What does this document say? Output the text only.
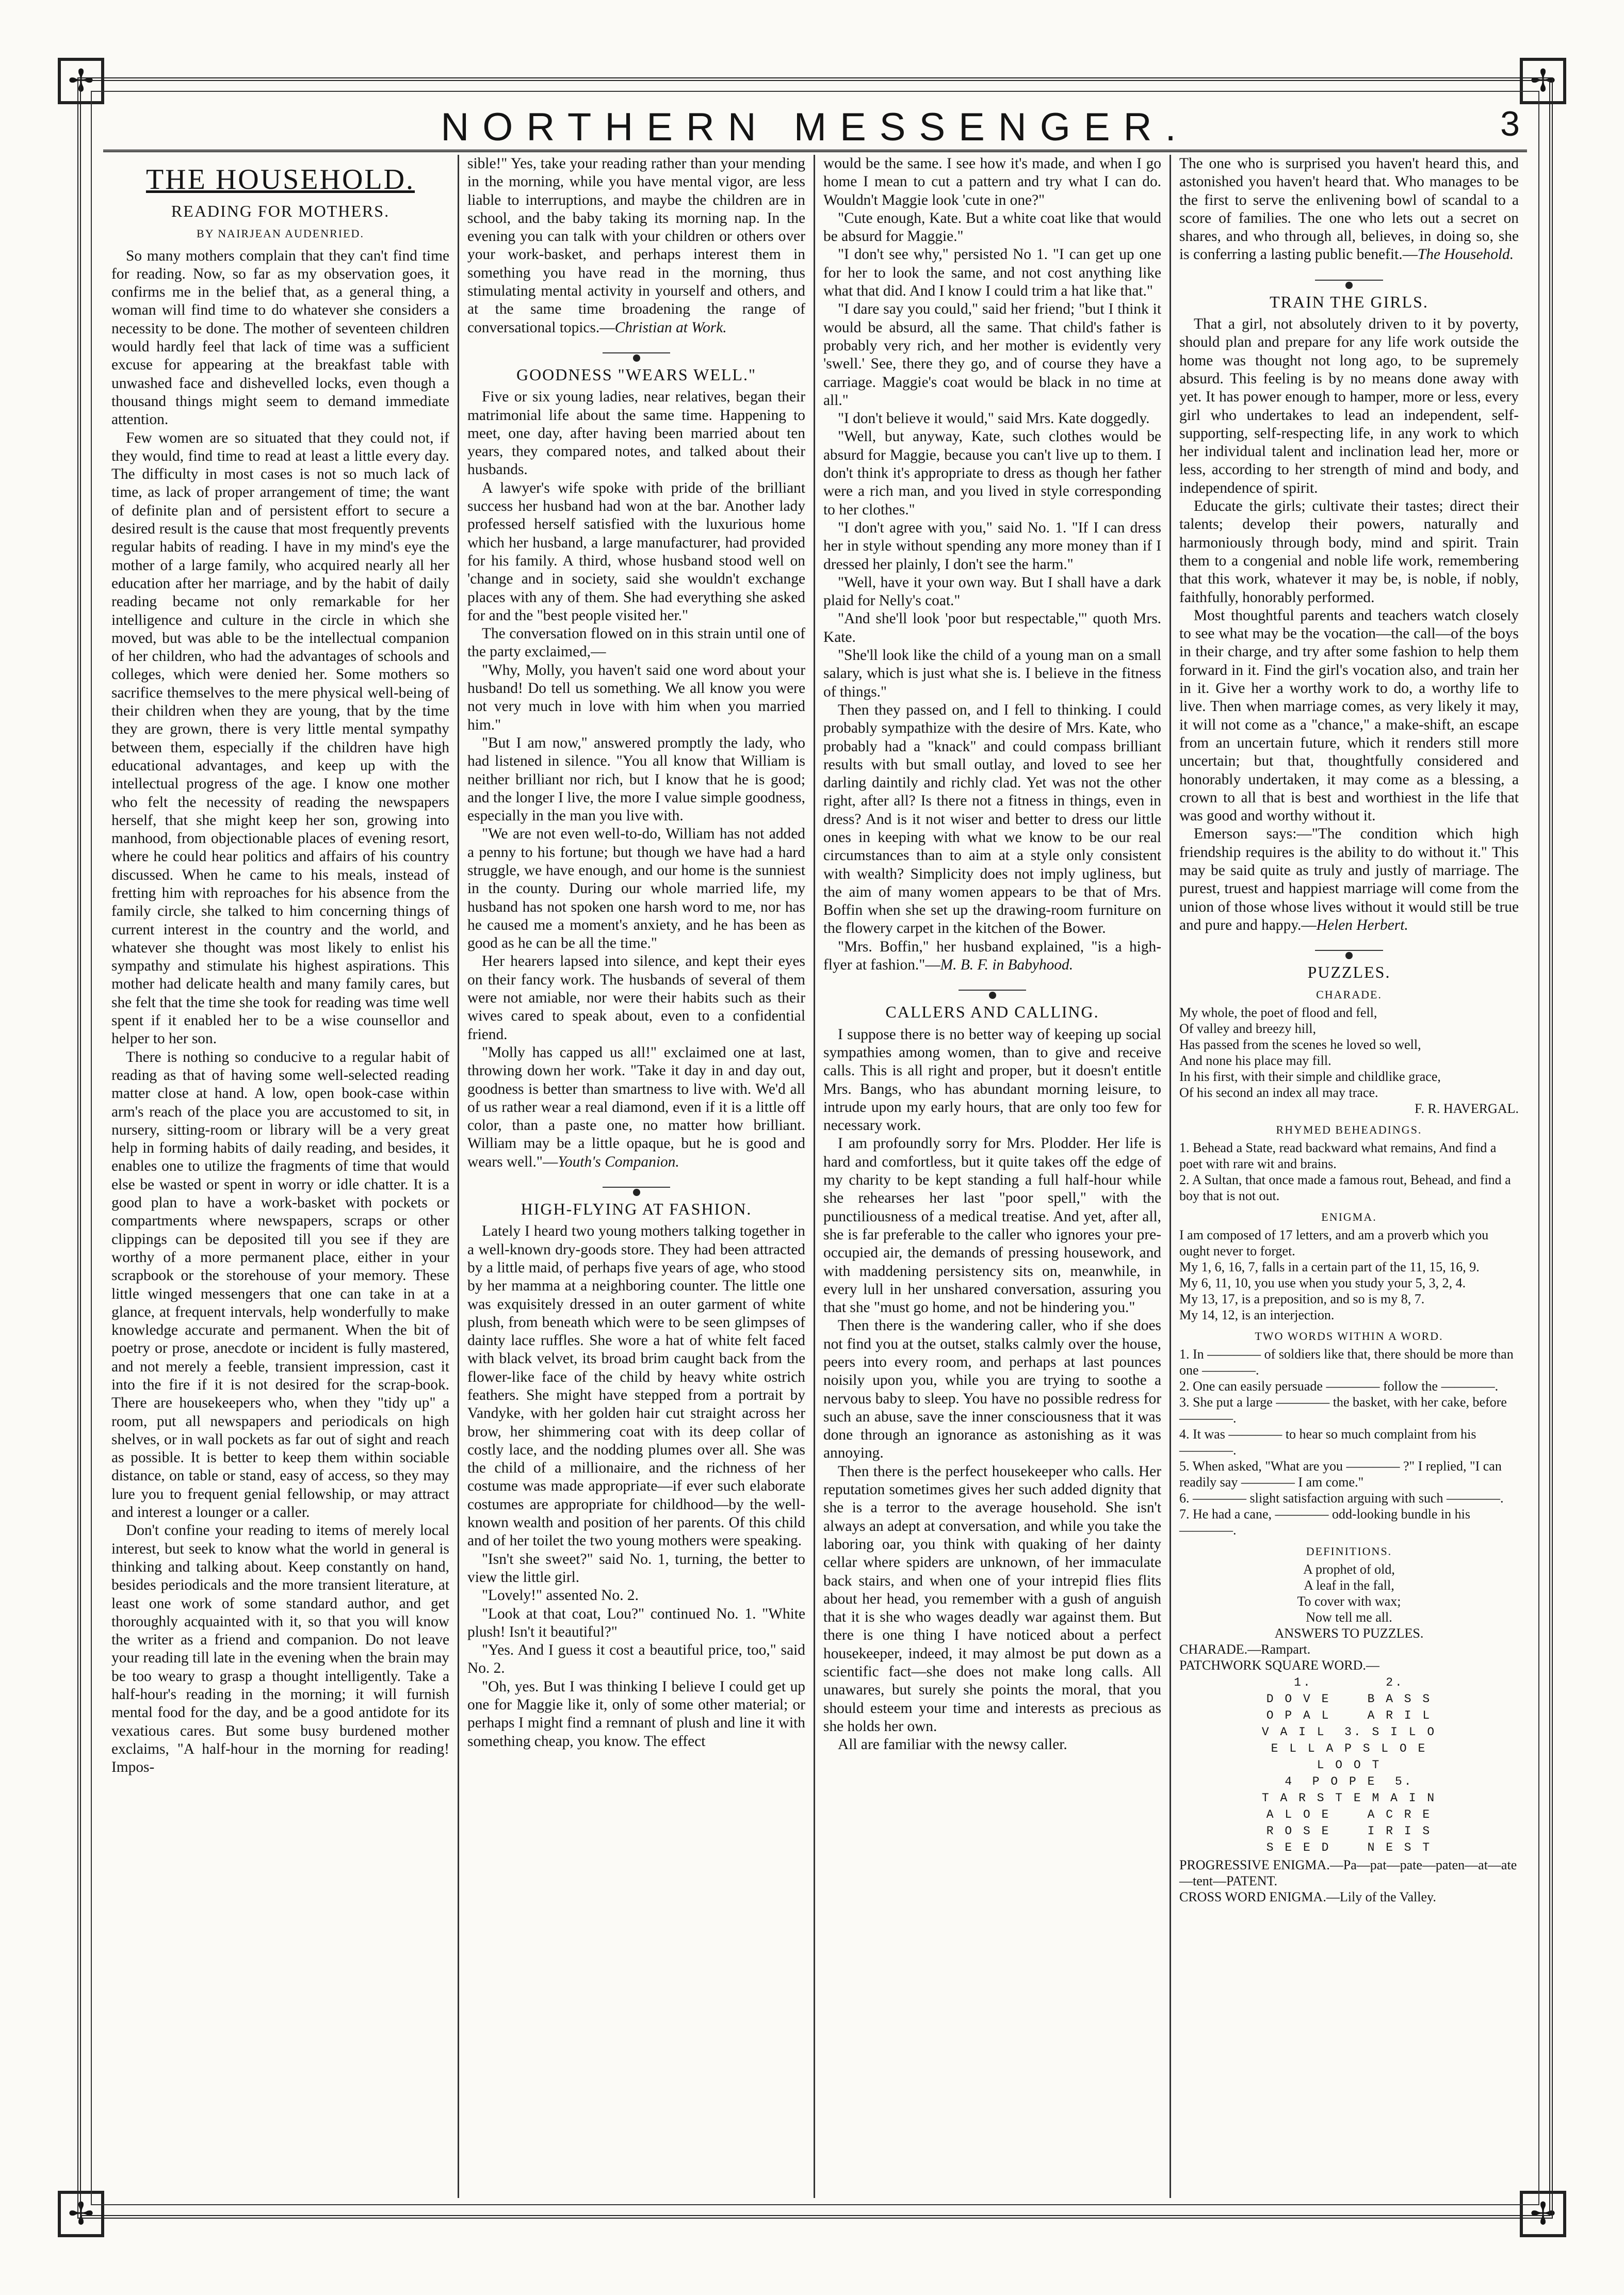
✢	✢
✢	✢
NORTHERN MESSENGER.	3
THE HOUSEHOLD.
READING FOR MOTHERS.
BY NAIRJEAN AUDENRIED.

So many mothers complain that they can't find time for reading. Now, so far as my observation goes, it confirms me in the belief that, as a general thing, a woman will find time to do whatever she considers a necessity to be done. The mother of seventeen children would hardly feel that lack of time was a sufficient excuse for appearing at the breakfast table with unwashed face and dishevelled locks, even though a thousand things might seem to demand immediate attention.

Few women are so situated that they could not, if they would, find time to read at least a little every day. The difficulty in most cases is not so much lack of time, as lack of proper arrangement of time; the want of definite plan and of persistent effort to secure a desired result is the cause that most frequently prevents regular habits of reading. I have in my mind's eye the mother of a large family, who acquired nearly all her education after her marriage, and by the habit of daily reading became not only remarkable for her intelligence and culture in the circle in which she moved, but was able to be the intellectual companion of her children, who had the advantages of schools and colleges, which were denied her. Some mothers so sacrifice themselves to the mere physical well-being of their children when they are young, that by the time they are grown, there is very little mental sympathy between them, especially if the children have high educational advantages, and keep up with the intellectual progress of the age. I know one mother who felt the necessity of reading the newspapers herself, that she might keep her son, growing into manhood, from objectionable places of evening resort, where he could hear politics and affairs of his country discussed. When he came to his meals, instead of fretting him with reproaches for his absence from the family circle, she talked to him concerning things of current interest in the country and the world, and whatever she thought was most likely to enlist his sympathy and stimulate his highest aspirations. This mother had delicate health and many family cares, but she felt that the time she took for reading was time well spent if it enabled her to be a wise counsellor and helper to her son.

There is nothing so conducive to a regular habit of reading as that of having some well-selected reading matter close at hand. A low, open book-case within arm's reach of the place you are accustomed to sit, in nursery, sitting-room or library will be a very great help in forming habits of daily reading, and besides, it enables one to utilize the fragments of time that would else be wasted or spent in worry or idle chatter. It is a good plan to have a work-basket with pockets or compartments where newspapers, scraps or other clippings can be deposited till you see if they are worthy of a more permanent place, either in your scrapbook or the storehouse of your memory. These little winged messengers that one can take in at a glance, at frequent intervals, help wonderfully to make knowledge accurate and permanent. When the bit of poetry or prose, anecdote or incident is fully mastered, and not merely a feeble, transient impression, cast it into the fire if it is not desired for the scrap-book. There are housekeepers who, when they "tidy up" a room, put all newspapers and periodicals on high shelves, or in wall pockets as far out of sight and reach as possible. It is better to keep them within sociable distance, on table or stand, easy of access, so they may lure you to frequent genial fellowship, or may attract and interest a lounger or a caller.

Don't confine your reading to items of merely local interest, but seek to know what the world in general is thinking and talking about. Keep constantly on hand, besides periodicals and the more transient literature, at least one work of some standard author, and get thoroughly acquainted with it, so that you will know the writer as a friend and companion. Do not leave your reading till late in the evening when the brain may be too weary to grasp a thought intelligently. Take a half-hour's reading in the morning; it will furnish mental food for the day, and be a good antidote for its vexatious cares. But some busy burdened mother exclaims, "A half-hour in the morning for reading! Impos-

sible!" Yes, take your reading rather than your mending in the morning, while you have mental vigor, are less liable to interruptions, and maybe the children are in school, and the baby taking its morning nap. In the evening you can talk with your children or others over your work-basket, and perhaps interest them in something you have read in the morning, thus stimulating mental activity in yourself and others, and at the same time broadening the range of conversational topics.—Christian at Work.

GOODNESS "WEARS WELL."

Five or six young ladies, near relatives, began their matrimonial life about the same time. Happening to meet, one day, after having been married about ten years, they compared notes, and talked about their husbands.

A lawyer's wife spoke with pride of the brilliant success her husband had won at the bar. Another lady professed herself satisfied with the luxurious home which her husband, a large manufacturer, had provided for his family. A third, whose husband stood well on 'change and in society, said she wouldn't exchange places with any of them. She had everything she asked for and the "best people visited her."

The conversation flowed on in this strain until one of the party exclaimed,—

"Why, Molly, you haven't said one word about your husband! Do tell us something. We all know you were not very much in love with him when you married him."

"But I am now," answered promptly the lady, who had listened in silence. "You all know that William is neither brilliant nor rich, but I know that he is good; and the longer I live, the more I value simple goodness, especially in the man you live with.

"We are not even well-to-do, William has not added a penny to his fortune; but though we have had a hard struggle, we have enough, and our home is the sunniest in the county. During our whole married life, my husband has not spoken one harsh word to me, nor has he caused me a moment's anxiety, and he has been as good as he can be all the time."

Her hearers lapsed into silence, and kept their eyes on their fancy work. The husbands of several of them were not amiable, nor were their habits such as their wives cared to speak about, even to a confidential friend.

"Molly has capped us all!" exclaimed one at last, throwing down her work. "Take it day in and day out, goodness is better than smartness to live with. We'd all of us rather wear a real diamond, even if it is a little off color, than a paste one, no matter how brilliant. William may be a little opaque, but he is good and wears well."—Youth's Companion.

HIGH-FLYING AT FASHION.

Lately I heard two young mothers talking together in a well-known dry-goods store. They had been attracted by a little maid, of perhaps five years of age, who stood by her mamma at a neighboring counter. The little one was exquisitely dressed in an outer garment of white plush, from beneath which were to be seen glimpses of dainty lace ruffles. She wore a hat of white felt faced with black velvet, its broad brim caught back from the flower-like face of the child by heavy white ostrich feathers. She might have stepped from a portrait by Vandyke, with her golden hair cut straight across her brow, her shimmering coat with its deep collar of costly lace, and the nodding plumes over all. She was the child of a millionaire, and the richness of her costume was made appropriate—if ever such elaborate costumes are appropriate for childhood—by the well-known wealth and position of her parents. Of this child and of her toilet the two young mothers were speaking.

"Isn't she sweet?" said No. 1, turning, the better to view the little girl.

"Lovely!" assented No. 2.

"Look at that coat, Lou?" continued No. 1. "White plush! Isn't it beautiful?"

"Yes. And I guess it cost a beautiful price, too," said No. 2.

"Oh, yes. But I was thinking I believe I could get up one for Maggie like it, only of some other material; or perhaps I might find a remnant of plush and line it with something cheap, you know. The effect

would be the same. I see how it's made, and when I go home I mean to cut a pattern and try what I can do. Wouldn't Maggie look 'cute in one?"

"Cute enough, Kate. But a white coat like that would be absurd for Maggie."

"I don't see why," persisted No 1. "I can get up one for her to look the same, and not cost anything like what that did. And I know I could trim a hat like that."

"I dare say you could," said her friend; "but I think it would be absurd, all the same. That child's father is probably very rich, and her mother is evidently very 'swell.' See, there they go, and of course they have a carriage. Maggie's coat would be black in no time at all."

"I don't believe it would," said Mrs. Kate doggedly.

"Well, but anyway, Kate, such clothes would be absurd for Maggie, because you can't live up to them. I don't think it's appropriate to dress as though her father were a rich man, and you lived in style corresponding to her clothes."

"I don't agree with you," said No. 1. "If I can dress her in style without spending any more money than if I dressed her plainly, I don't see the harm."

"Well, have it your own way. But I shall have a dark plaid for Nelly's coat."

"And she'll look 'poor but respectable,'" quoth Mrs. Kate.

"She'll look like the child of a young man on a small salary, which is just what she is. I believe in the fitness of things."

Then they passed on, and I fell to thinking. I could probably sympathize with the desire of Mrs. Kate, who probably had a "knack" and could compass brilliant results with but small outlay, and loved to see her darling daintily and richly clad. Yet was not the other right, after all? Is there not a fitness in things, even in dress? And is it not wiser and better to dress our little ones in keeping with what we know to be our real circumstances than to aim at a style only consistent with wealth? Simplicity does not imply ugliness, but the aim of many women appears to be that of Mrs. Boffin when she set up the drawing-room furniture on the flowery carpet in the kitchen of the Bower.

"Mrs. Boffin," her husband explained, "is a high-flyer at fashion."—M. B. F. in Babyhood.

CALLERS AND CALLING.

I suppose there is no better way of keeping up social sympathies among women, than to give and receive calls. This is all right and proper, but it doesn't entitle Mrs. Bangs, who has abundant morning leisure, to intrude upon my early hours, that are only too few for necessary work.

I am profoundly sorry for Mrs. Plodder. Her life is hard and comfortless, but it quite takes off the edge of my charity to be kept standing a full half-hour while she rehearses her last "poor spell," with the punctiliousness of a medical treatise. And yet, after all, she is far preferable to the caller who ignores your pre-occupied air, the demands of pressing housework, and with maddening persistency sits on, meanwhile, in every lull in her unshared conversation, assuring you that she "must go home, and not be hindering you."

Then there is the wandering caller, who if she does not find you at the outset, stalks calmly over the house, peers into every room, and perhaps at last pounces noisily upon you, while you are trying to soothe a nervous baby to sleep. You have no possible redress for such an abuse, save the inner consciousness that it was done through an ignorance as astonishing as it was annoying.

Then there is the perfect housekeeper who calls. Her reputation sometimes gives her such added dignity that she is a terror to the average household. She isn't always an adept at conversation, and while you take the laboring oar, you think with quaking of her dainty cellar where spiders are unknown, of her immaculate back stairs, and when one of your intrepid flies flits about her head, you remember with a gush of anguish that it is she who wages deadly war against them. But there is one thing I have noticed about a perfect housekeeper, indeed, it may almost be put down as a scientific fact—she does not make long calls. All unawares, but surely she points the moral, that you should esteem your time and interests as precious as she holds her own.

All are familiar with the newsy caller.

The one who is surprised you haven't heard this, and astonished you haven't heard that. Who manages to be the first to serve the enlivening bowl of scandal to a score of families. The one who lets out a secret on shares, and who through all, believes, in doing so, she is conferring a lasting public benefit.—The Household.

TRAIN THE GIRLS.

That a girl, not absolutely driven to it by poverty, should plan and prepare for any life work outside the home was thought not long ago, to be supremely absurd. This feeling is by no means done away with yet. It has power enough to hamper, more or less, every girl who undertakes to lead an independent, self-supporting, self-respecting life, in any work to which her individual talent and inclination lead her, more or less, according to her strength of mind and body, and independence of spirit.

Educate the girls; cultivate their tastes; direct their talents; develop their powers, naturally and harmoniously through body, mind and spirit. Train them to a congenial and noble life work, remembering that this work, whatever it may be, is noble, if nobly, faithfully, honorably performed.

Most thoughtful parents and teachers watch closely to see what may be the vocation—the call—of the boys in their charge, and try after some fashion to help them forward in it. Find the girl's vocation also, and train her in it. Give her a worthy work to do, a worthy life to live. Then when marriage comes, as very likely it may, it will not come as a "chance," a make-shift, an escape from an uncertain future, which it renders still more uncertain; but that, thoughtfully considered and honorably undertaken, it may come as a blessing, a crown to all that is best and worthiest in the life that was good and worthy without it.

Emerson says:—"The condition which high friendship requires is the ability to do without it." This may be said quite as truly and justly of marriage. The purest, truest and happiest marriage will come from the union of those whose lives without it would still be true and pure and happy.—Helen Herbert.

PUZZLES.
CHARADE.

My whole, the poet of flood and fell,

Of valley and breezy hill,

Has passed from the scenes he loved so well,

And none his place may fill.

In his first, with their simple and childlike grace,

Of his second an index all may trace.

F. R. HAVERGAL.
RHYMED BEHEADINGS.

1. Behead a State, read backward what remains, And find a poet with rare wit and brains.

2. A Sultan, that once made a famous rout, Behead, and find a boy that is not out.

ENIGMA.

I am composed of 17 letters, and am a proverb which you ought never to forget.

My 1, 6, 16, 7, falls in a certain part of the 11, 15, 16, 9.

My 6, 11, 10, you use when you study your 5, 3, 2, 4.

My 13, 17, is a preposition, and so is my 8, 7.

My 14, 12, is an interjection.

TWO WORDS WITHIN A WORD.

1. In ———— of soldiers like that, there should be more than one ————.

2. One can easily persuade ———— follow the ————.

3. She put a large ———— the basket, with her cake, before ————.

4. It was ———— to hear so much complaint from his ————.

5. When asked, "What are you ———— ?" I replied, "I can readily say ———— I am come."

6. ———— slight satisfaction arguing with such ————.

7. He had a cane, ———— odd-looking bundle in his ————.

DEFINITIONS.
A prophet of old,
A leaf in the fall,
To cover with wax;
Now tell me all.
ANSWERS TO PUZZLES.

CHARADE.—Rampart.

PATCHWORK SQUARE WORD.—

1.        2.
D O V E    B A S S
O P A L    A R I L
V A I L  3. S I L O
E L L A P S L O E
L O O T
4  P O P E  5.
T A R S T E M A I N
A L O E    A C R E
R O S E    I R I S
S E E D    N E S T

PROGRESSIVE ENIGMA.—Pa—pat—pate—paten—at—ate—tent—PATENT.

CROSS WORD ENIGMA.—Lily of the Valley.
